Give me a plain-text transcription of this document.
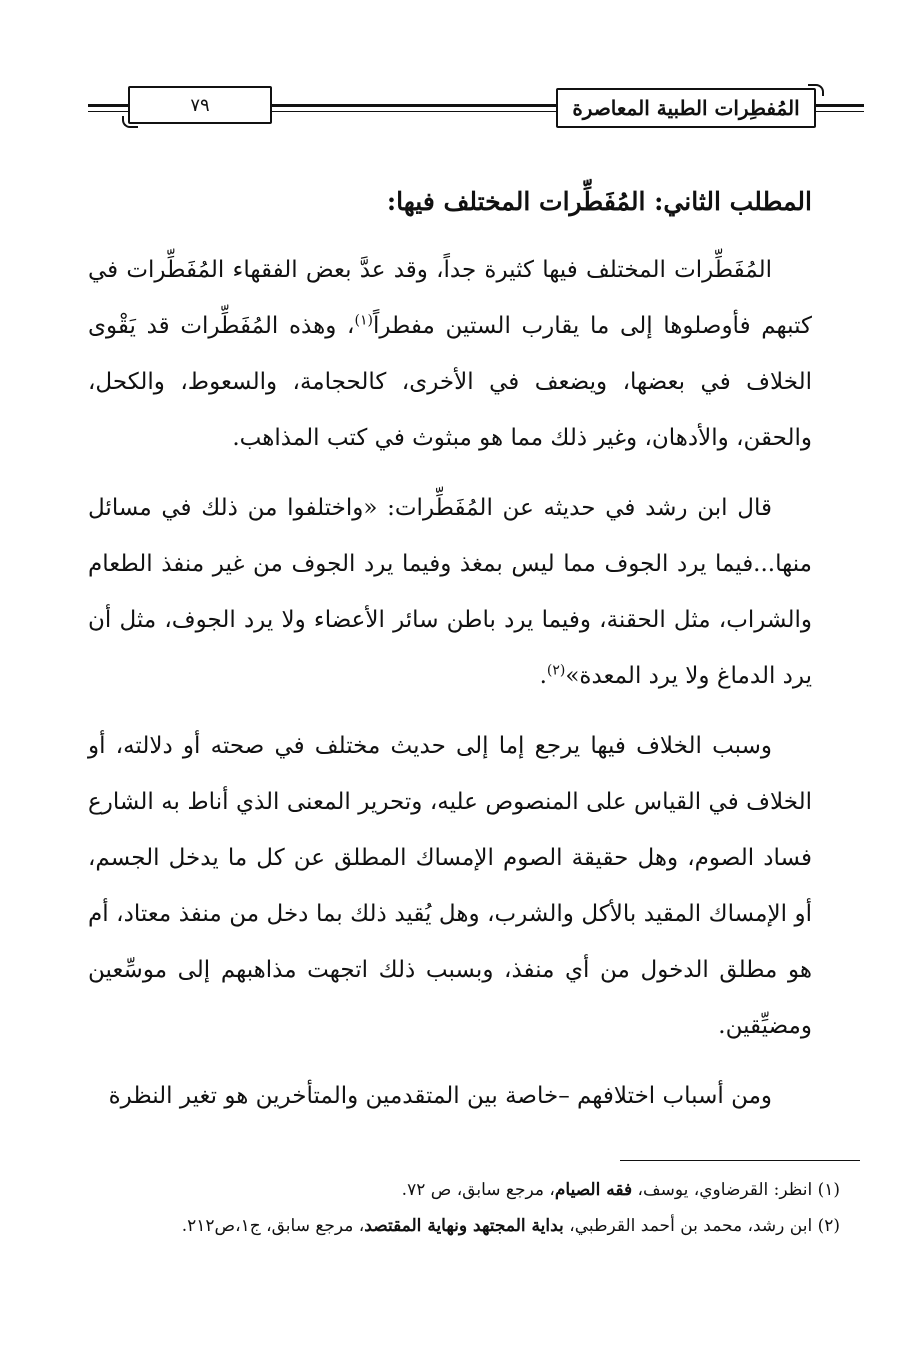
٧٩	المُفطِرات الطبية المعاصرة
المطلب الثاني: المُفَطِّرات المختلف فيها:

المُفَطِّرات المختلف فيها كثيرة جداً، وقد عدَّ بعض الفقهاء المُفَطِّرات في كتبهم فأوصلوها إلى ما يقارب الستين مفطراً$^{(١)}$، وهذه المُفَطِّرات قد يَقْوى الخلاف في بعضها، ويضعف في الأخرى، كالحجامة، والسعوط، والكحل، والحقن، والأدهان، وغير ذلك مما هو مبثوث في كتب المذاهب.

قال ابن رشد في حديثه عن المُفَطِّرات: «واختلفوا من ذلك في مسائل منها...فيما يرد الجوف مما ليس بمغذ وفيما يرد الجوف من غير منفذ الطعام والشراب، مثل الحقنة، وفيما يرد باطن سائر الأعضاء ولا يرد الجوف، مثل أن يرد الدماغ ولا يرد المعدة»$^{(٢)}$.

وسبب الخلاف فيها يرجع إما إلى حديث مختلف في صحته أو دلالته، أو الخلاف في القياس على المنصوص عليه، وتحرير المعنى الذي أناط به الشارع فساد الصوم، وهل حقيقة الصوم الإمساك المطلق عن كل ما يدخل الجسم، أو الإمساك المقيد بالأكل والشرب، وهل يُقيد ذلك بما دخل من منفذ معتاد، أم هو مطلق الدخول من أي منفذ، وبسبب ذلك اتجهت مذاهبهم إلى موسِّعين ومضيِّقين.

ومن أسباب اختلافهم –خاصة بين المتقدمين والمتأخرين هو تغير النظرة

(١) انظر: القرضاوي، يوسف، فقه الصيام، مرجع سابق، ص ٧٢.

(٢) ابن رشد، محمد بن أحمد القرطبي، بداية المجتهد ونهاية المقتصد، مرجع سابق، ج١،ص٢١٢.
